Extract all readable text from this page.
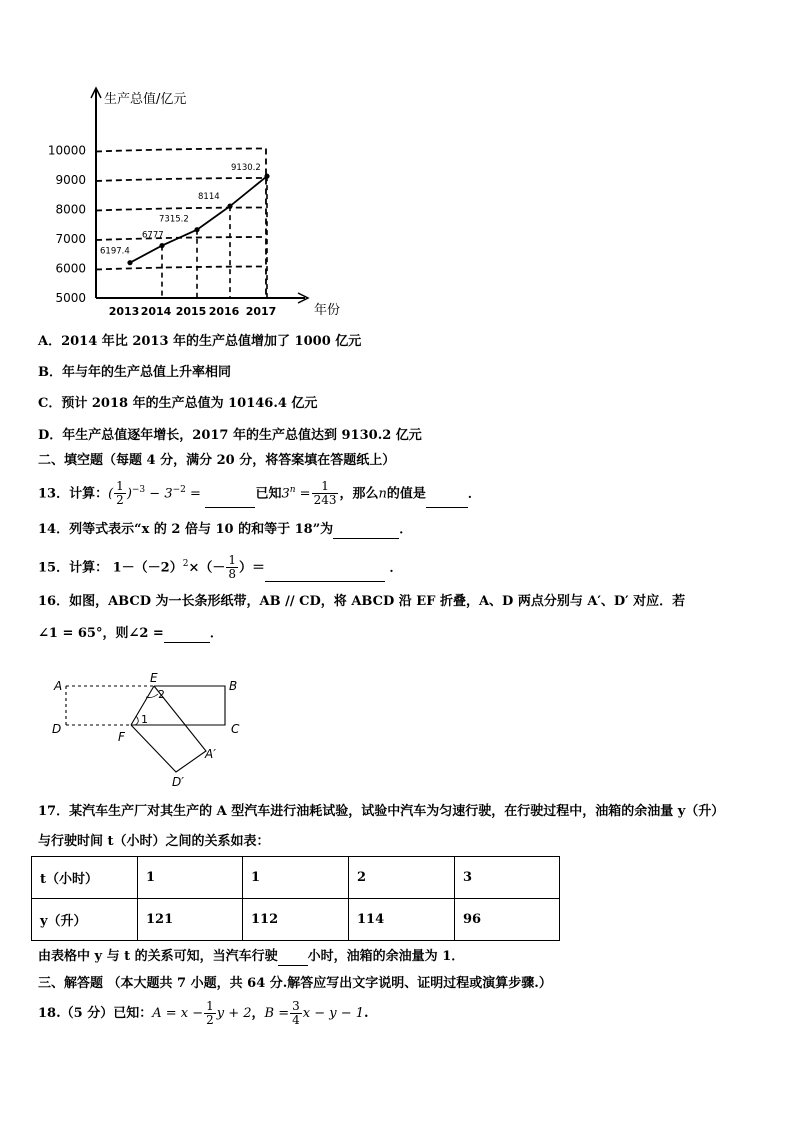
5000
6000
7000
8000
9000
10000
2013 2014 2015 2016 2017
生产总值/亿元
年份
6197.4
6777
7315.2
8114
9130.2
A．2014 年比 2013 年的生产总值增加了 1000 亿元
B．年与年的生产总值上升率相同
C．预计 2018 年的生产总值为 10146.4 亿元
D．年生产总值逐年增长，2017 年的生产总值达到 9130.2 亿元
二、填空题（每题 4 分，满分 20 分，将答案填在答题纸上）
13．计算：( $\frac{1}{2} )^{-3} - 3^{-2}$ =	已知$3^n = \frac{1}{243}$ ，那么n的值是	．
14．列等式表示“x 的 2 倍与 10 的和等于 18”为	．
15．计算： $1-(-2)^2\times(- \frac{1}{8}$ ）＝	．
16．如图，ABCD 为一长条形纸带，AB // CD，将 ABCD 沿 EF 折叠，A、D 两点分别与 A′、D′ 对应．若
∠1 = 65°，则∠2 =	．
A
E
B
D
F
C
A′
D′
2
1
17．某汽车生产厂对其生产的 A 型汽车进行油耗试验，试验中汽车为匀速行驶，在行驶过程中，油箱的余油量 y（升）
与行驶时间 t（小时）之间的关系如表：
t（小时）	1	1	2	3
y（升）	121	112	114	96
由表格中 y 与 t 的关系可知，当汽车行驶 小时，油箱的余油量为 1．
三、解答题 （本大题共 7 小题，共 64 分.解答应写出文字说明、证明过程或演算步骤.）
18.（5 分）已知：$A = x - \frac{1}{2}$ y + 2，$B = \frac{3}{4}$ x − y − 1.
